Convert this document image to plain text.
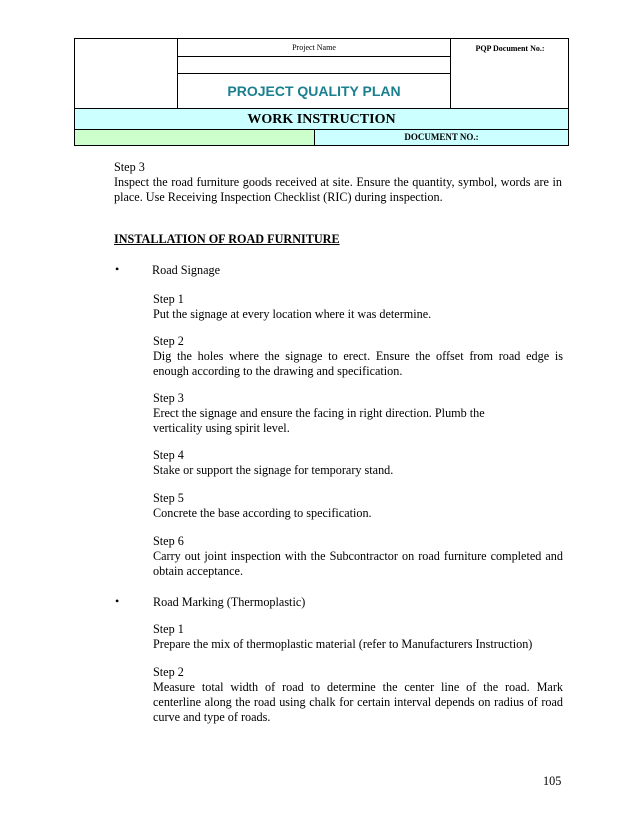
Project Name
PROJECT QUALITY PLAN
PQP Document No.:
WORK INSTRUCTION
DOCUMENT NO.:
Step 3
Inspect the road furniture goods received at site. Ensure the quantity, symbol, words are in place. Use Receiving Inspection Checklist (RIC) during inspection.
INSTALLATION OF ROAD FURNITURE
•	Road Signage
Step 1
Put the signage at every location where it was determine.
Step 2
Dig the holes where the signage to erect. Ensure the offset from road edge is enough according to the drawing and specification.
Step 3
Erect the signage and ensure the facing in right direction. Plumb the
verticality using spirit level.
Step 4
Stake or support the signage for temporary stand.
Step 5
Concrete the base according to specification.
Step 6
Carry out joint inspection with the Subcontractor on road furniture completed and obtain acceptance.
•	Road Marking (Thermoplastic)
Step 1
Prepare the mix of thermoplastic material (refer to Manufacturers Instruction)
Step 2
Measure total width of road to determine the center line of the road. Mark centerline along the road using chalk for certain interval depends on radius of road curve and type of roads.
105
